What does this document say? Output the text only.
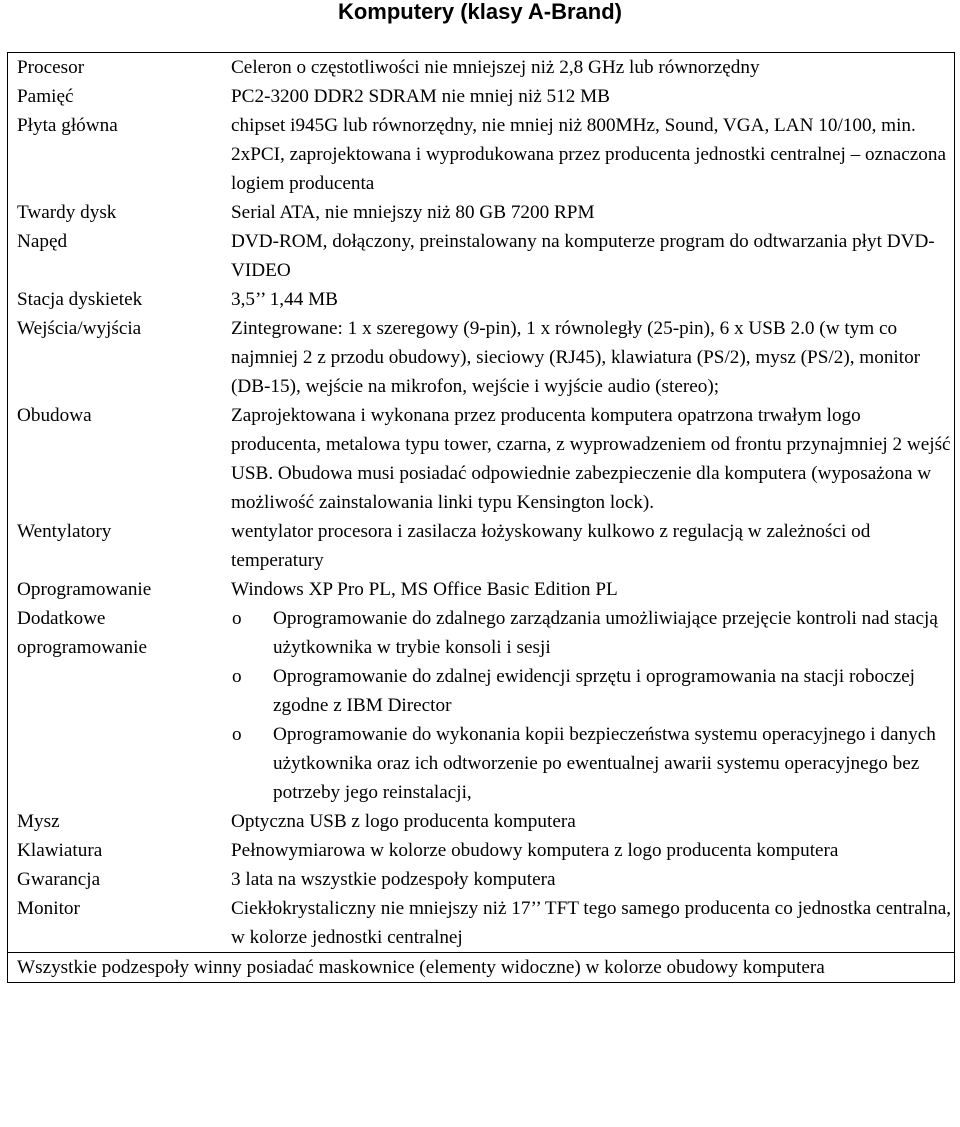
Komputery (klasy A-Brand)
Procesor	Celeron o częstotliwości nie mniejszej niż 2,8 GHz lub równorzędny
Pamięć	PC2-3200 DDR2 SDRAM nie mniej niż 512 MB
Płyta główna	chipset i945G lub równorzędny, nie mniej niż 800MHz, Sound, VGA, LAN 10/100, min. 2xPCI, zaprojektowana i wyprodukowana przez producenta jednostki centralnej – oznaczona logiem producenta
Twardy dysk	Serial ATA, nie mniejszy niż 80 GB 7200 RPM
Napęd	DVD-ROM, dołączony, preinstalowany na komputerze program do odtwarzania płyt DVD-VIDEO
Stacja dyskietek	3,5’’ 1,44 MB
Wejścia/wyjścia	Zintegrowane: 1 x szeregowy (9-pin), 1 x równoległy (25-pin), 6 x USB 2.0 (w tym co najmniej 2 z przodu obudowy), sieciowy (RJ45), klawiatura (PS/2), mysz (PS/2), monitor (DB-15), wejście na mikrofon, wejście i wyjście audio (stereo);
Obudowa	Zaprojektowana i wykonana przez producenta komputera opatrzona trwałym logo producenta, metalowa typu tower, czarna, z wyprowadzeniem od frontu przynajmniej 2 wejść USB. Obudowa musi posiadać odpowiednie zabezpieczenie dla komputera (wyposażona w możliwość zainstalowania linki typu Kensington lock).
Wentylatory	wentylator procesora i zasilacza łożyskowany kulkowo z regulacją w zależności od temperatury
Oprogramowanie	Windows XP Pro PL, MS Office Basic Edition PL
Dodatkowe oprogramowanie
o	Oprogramowanie do zdalnego zarządzania umożliwiające przejęcie kontroli nad stacją użytkownika w trybie konsoli i sesji
o	Oprogramowanie do zdalnej ewidencji sprzętu i oprogramowania na stacji roboczej zgodne z IBM Director
o	Oprogramowanie do wykonania kopii bezpieczeństwa systemu operacyjnego i danych użytkownika oraz ich odtworzenie po ewentualnej awarii systemu operacyjnego bez potrzeby jego reinstalacji,
Mysz	Optyczna USB z logo producenta komputera
Klawiatura	Pełnowymiarowa w kolorze obudowy komputera z logo producenta komputera
Gwarancja	3 lata na wszystkie podzespoły komputera
Monitor	Ciekłokrystaliczny nie mniejszy niż 17’’ TFT tego samego producenta co jednostka centralna, w kolorze jednostki centralnej
Wszystkie podzespoły winny posiadać maskownice (elementy widoczne) w kolorze obudowy komputera
